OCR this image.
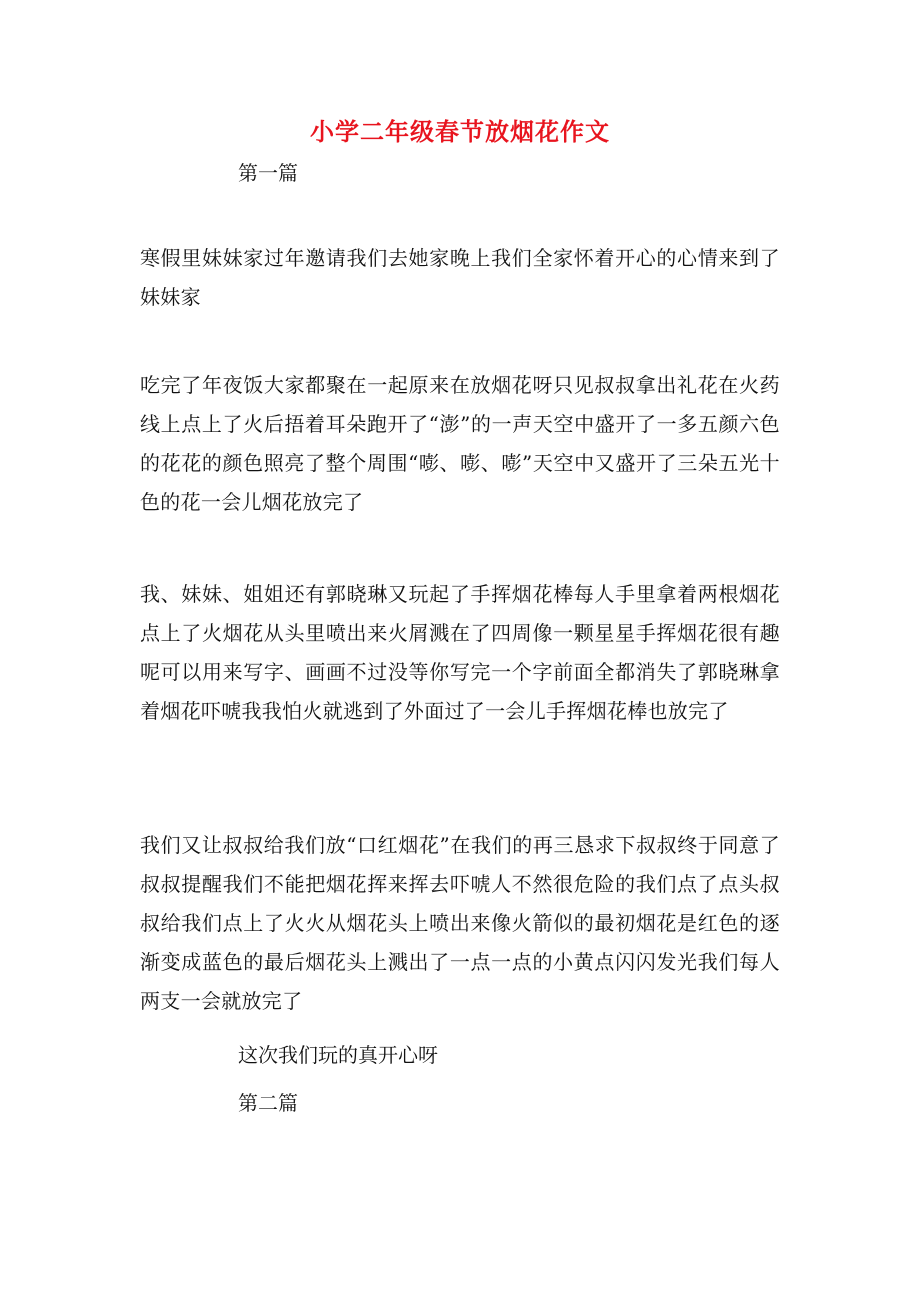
小学二年级春节放烟花作文
第一篇
寒假里妹妹家过年邀请我们去她家晚上我们全家怀着开心的心情来到了妹妹家
吃完了年夜饭大家都聚在一起原来在放烟花呀只见叔叔拿出礼花在火药线上点上了火后捂着耳朵跑开了“澎”的一声天空中盛开了一多五颜六色的花花的颜色照亮了整个周围“嘭、嘭、嘭”天空中又盛开了三朵五光十色的花一会儿烟花放完了
我、妹妹、姐姐还有郭晓琳又玩起了手挥烟花棒每人手里拿着两根烟花点上了火烟花从头里喷出来火屑溅在了四周像一颗星星手挥烟花很有趣呢可以用来写字、画画不过没等你写完一个字前面全都消失了郭晓琳拿着烟花吓唬我我怕火就逃到了外面过了一会儿手挥烟花棒也放完了
我们又让叔叔给我们放“口红烟花”在我们的再三恳求下叔叔终于同意了叔叔提醒我们不能把烟花挥来挥去吓唬人不然很危险的我们点了点头叔叔给我们点上了火火从烟花头上喷出来像火箭似的最初烟花是红色的逐渐变成蓝色的最后烟花头上溅出了一点一点的小黄点闪闪发光我们每人两支一会就放完了
这次我们玩的真开心呀
第二篇
